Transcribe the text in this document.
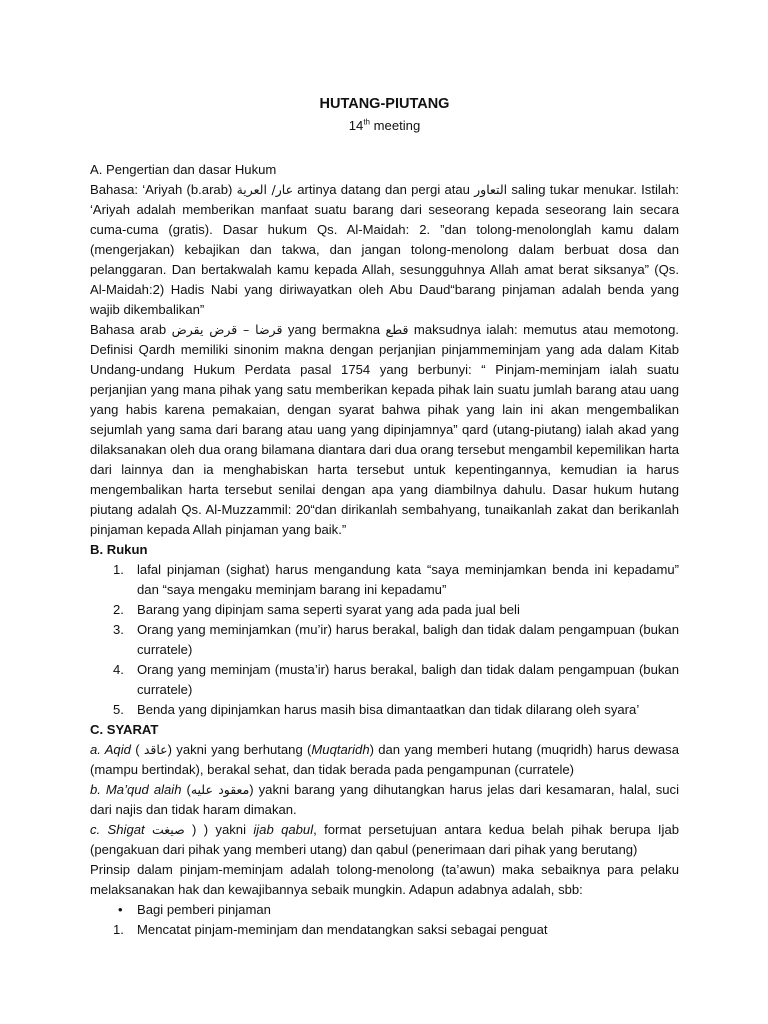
HUTANG-PIUTANG
14th meeting

A. Pengertian dan dasar Hukum

Bahasa: ‘Ariyah (b.arab) عار/ العرية artinya datang dan pergi atau التعاور saling tukar menukar. Istilah: ‘Ariyah adalah memberikan manfaat suatu barang dari seseorang kepada seseorang lain secara cuma-cuma (gratis). Dasar hukum Qs. Al-Maidah: 2. ”dan tolong-menolonglah kamu dalam (mengerjakan) kebajikan dan takwa, dan jangan tolong-menolong dalam berbuat dosa dan pelanggaran. Dan bertakwalah kamu kepada Allah, sesungguhnya Allah amat berat siksanya” (Qs. Al-Maidah:2) Hadis Nabi yang diriwayatkan oleh Abu Daud“barang pinjaman adalah benda yang wajib dikembalikan”

Bahasa arab قرضا – قرض يقرض yang bermakna قطع maksudnya ialah: memutus atau memotong. Definisi Qardh memiliki sinonim makna dengan perjanjian pinjammeminjam yang ada dalam Kitab Undang-undang Hukum Perdata pasal 1754 yang berbunyi: “ Pinjam-meminjam ialah suatu perjanjian yang mana pihak yang satu memberikan kepada pihak lain suatu jumlah barang atau uang yang habis karena pemakaian, dengan syarat bahwa pihak yang lain ini akan mengembalikan sejumlah yang sama dari barang atau uang yang dipinjamnya” qard (utang-piutang) ialah akad yang dilaksanakan oleh dua orang bilamana diantara dari dua orang tersebut mengambil kepemilikan harta dari lainnya dan ia menghabiskan harta tersebut untuk kepentingannya, kemudian ia harus mengembalikan harta tersebut senilai dengan apa yang diambilnya dahulu. Dasar hukum hutang piutang adalah Qs. Al-Muzzammil: 20“dan dirikanlah sembahyang, tunaikanlah zakat dan berikanlah pinjaman kepada Allah pinjaman yang baik.”

B. Rukun

1. lafal pinjaman (sighat) harus mengandung kata “saya meminjamkan benda ini kepadamu” dan “saya mengaku meminjam barang ini kepadamu”
2. Barang yang dipinjam sama seperti syarat yang ada pada jual beli
3. Orang yang meminjamkan (mu’ir) harus berakal, baligh dan tidak dalam pengampuan (bukan curratele)
4. Orang yang meminjam (musta’ir) harus berakal, baligh dan tidak dalam pengampuan (bukan curratele)
5. Benda yang dipinjamkan harus masih bisa dimantaatkan dan tidak dilarang oleh syara’

C. SYARAT

a. Aqid ( عاقد) yakni yang berhutang (Muqtaridh) dan yang memberi hutang (muqridh) harus dewasa (mampu bertindak), berakal sehat, dan tidak berada pada pengampunan (curratele)

b. Ma’qud alaih (معقود عليه) yakni barang yang dihutangkan harus jelas dari kesamaran, halal, suci dari najis dan tidak haram dimakan.

c. Shigat صيغت ) ) yakni ijab qabul, format persetujuan antara kedua belah pihak berupa Ijab (pengakuan dari pihak yang memberi utang) dan qabul (penerimaan dari pihak yang berutang)

Prinsip dalam pinjam-meminjam adalah tolong-menolong (ta’awun) maka sebaiknya para pelaku melaksanakan hak dan kewajibannya sebaik mungkin. Adapun adabnya adalah, sbb:

• Bagi pemberi pinjaman
1. Mencatat pinjam-meminjam dan mendatangkan saksi sebagai penguat
